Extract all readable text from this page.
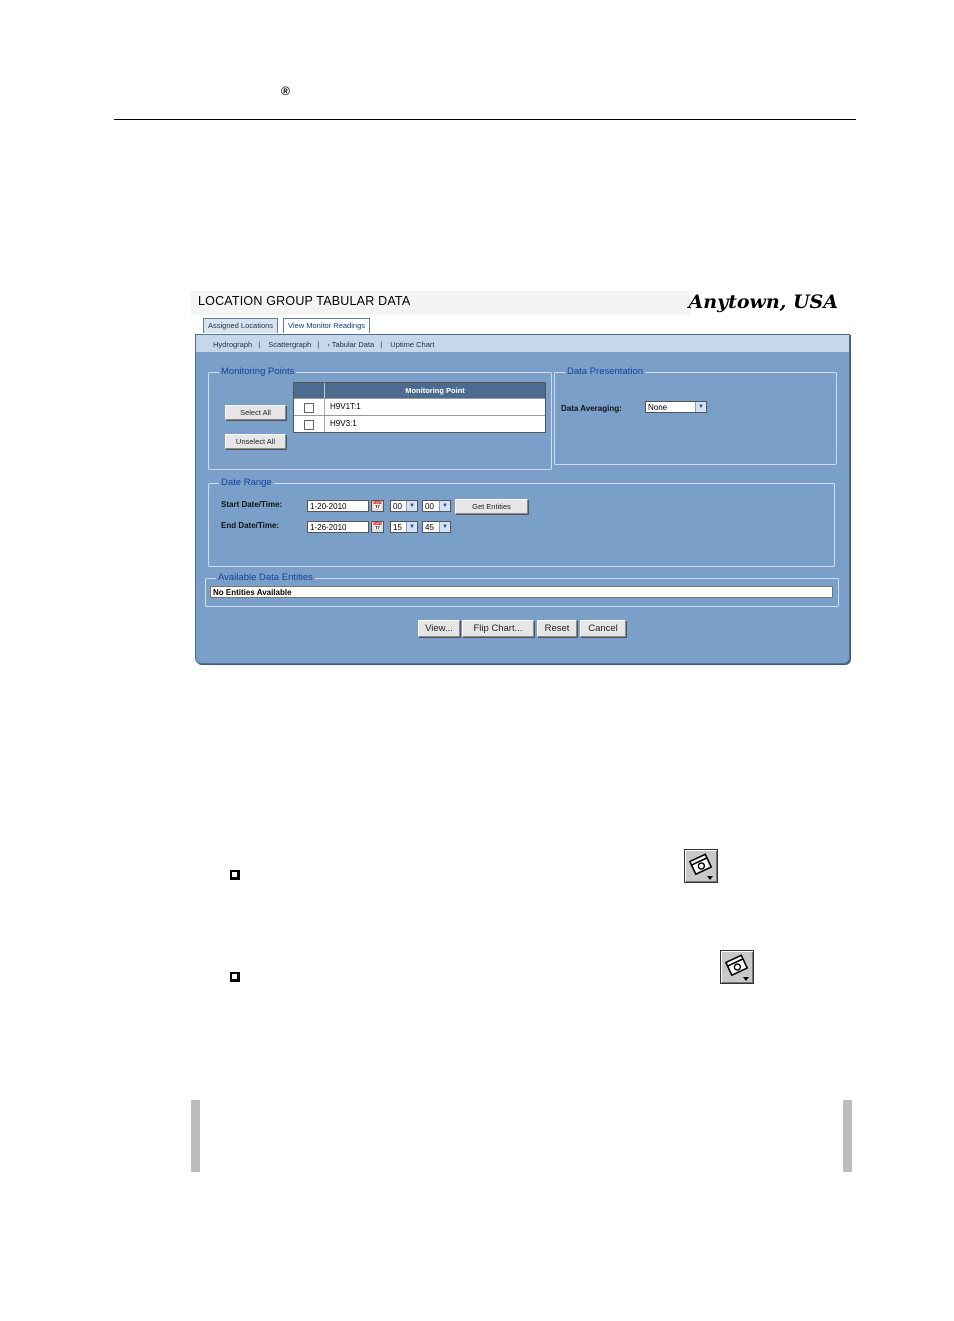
®
LOCATION GROUP TABULAR DATA	Anytown, USA
Assigned Locations	View Monitor Readings
Hydrograph | Scattergraph | › Tabular Data | Uptime Chart
Monitoring Points
Select All
Unselect All
Monitoring Point
H9V1T:1
H9V3:1
Data Presentation
Data Averaging:	None	▼
Date Range
Start Date/Time:	1-20-2010	📅	00	▼	00	▼	Get Entities
End Date/Time:	1-26-2010	📅	15	▼	45	▼
Available Data Entities
No Entities Available
View...	Flip Chart...	Reset	Cancel
